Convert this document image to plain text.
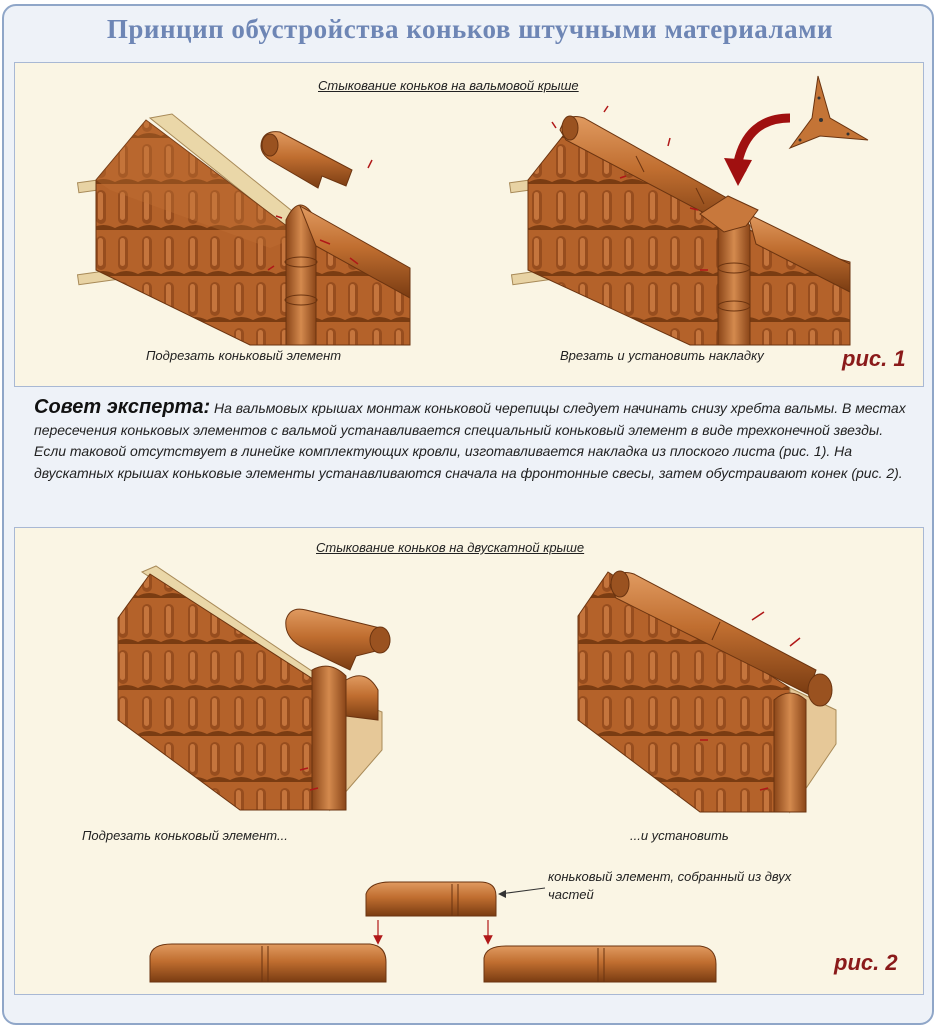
Принцип обустройства коньков штучными материалами
Стыкование коньков на вальмовой крыше
Подрезать коньковый элемент	Врезать и установить накладку	рис. 1
Совет эксперта: На вальмовых крышах монтаж коньковой черепицы следует начинать снизу хребта вальмы. В местах пересечения коньковых элементов с вальмой устанавливается специальный коньковый элемент в виде трехконечной звезды. Если таковой отсутствует в линейке комплектующих кровли, изготавливается накладка из плоского листа (рис. 1). На двускатных крышах коньковые элементы устанавливаются сначала на фронтонные свесы, затем обустраивают конек (рис. 2).
Стыкование коньков на двускатной крыше
Подрезать коньковый элемент...	...и установить
коньковый элемент, собранный из двух частей
рис. 2
